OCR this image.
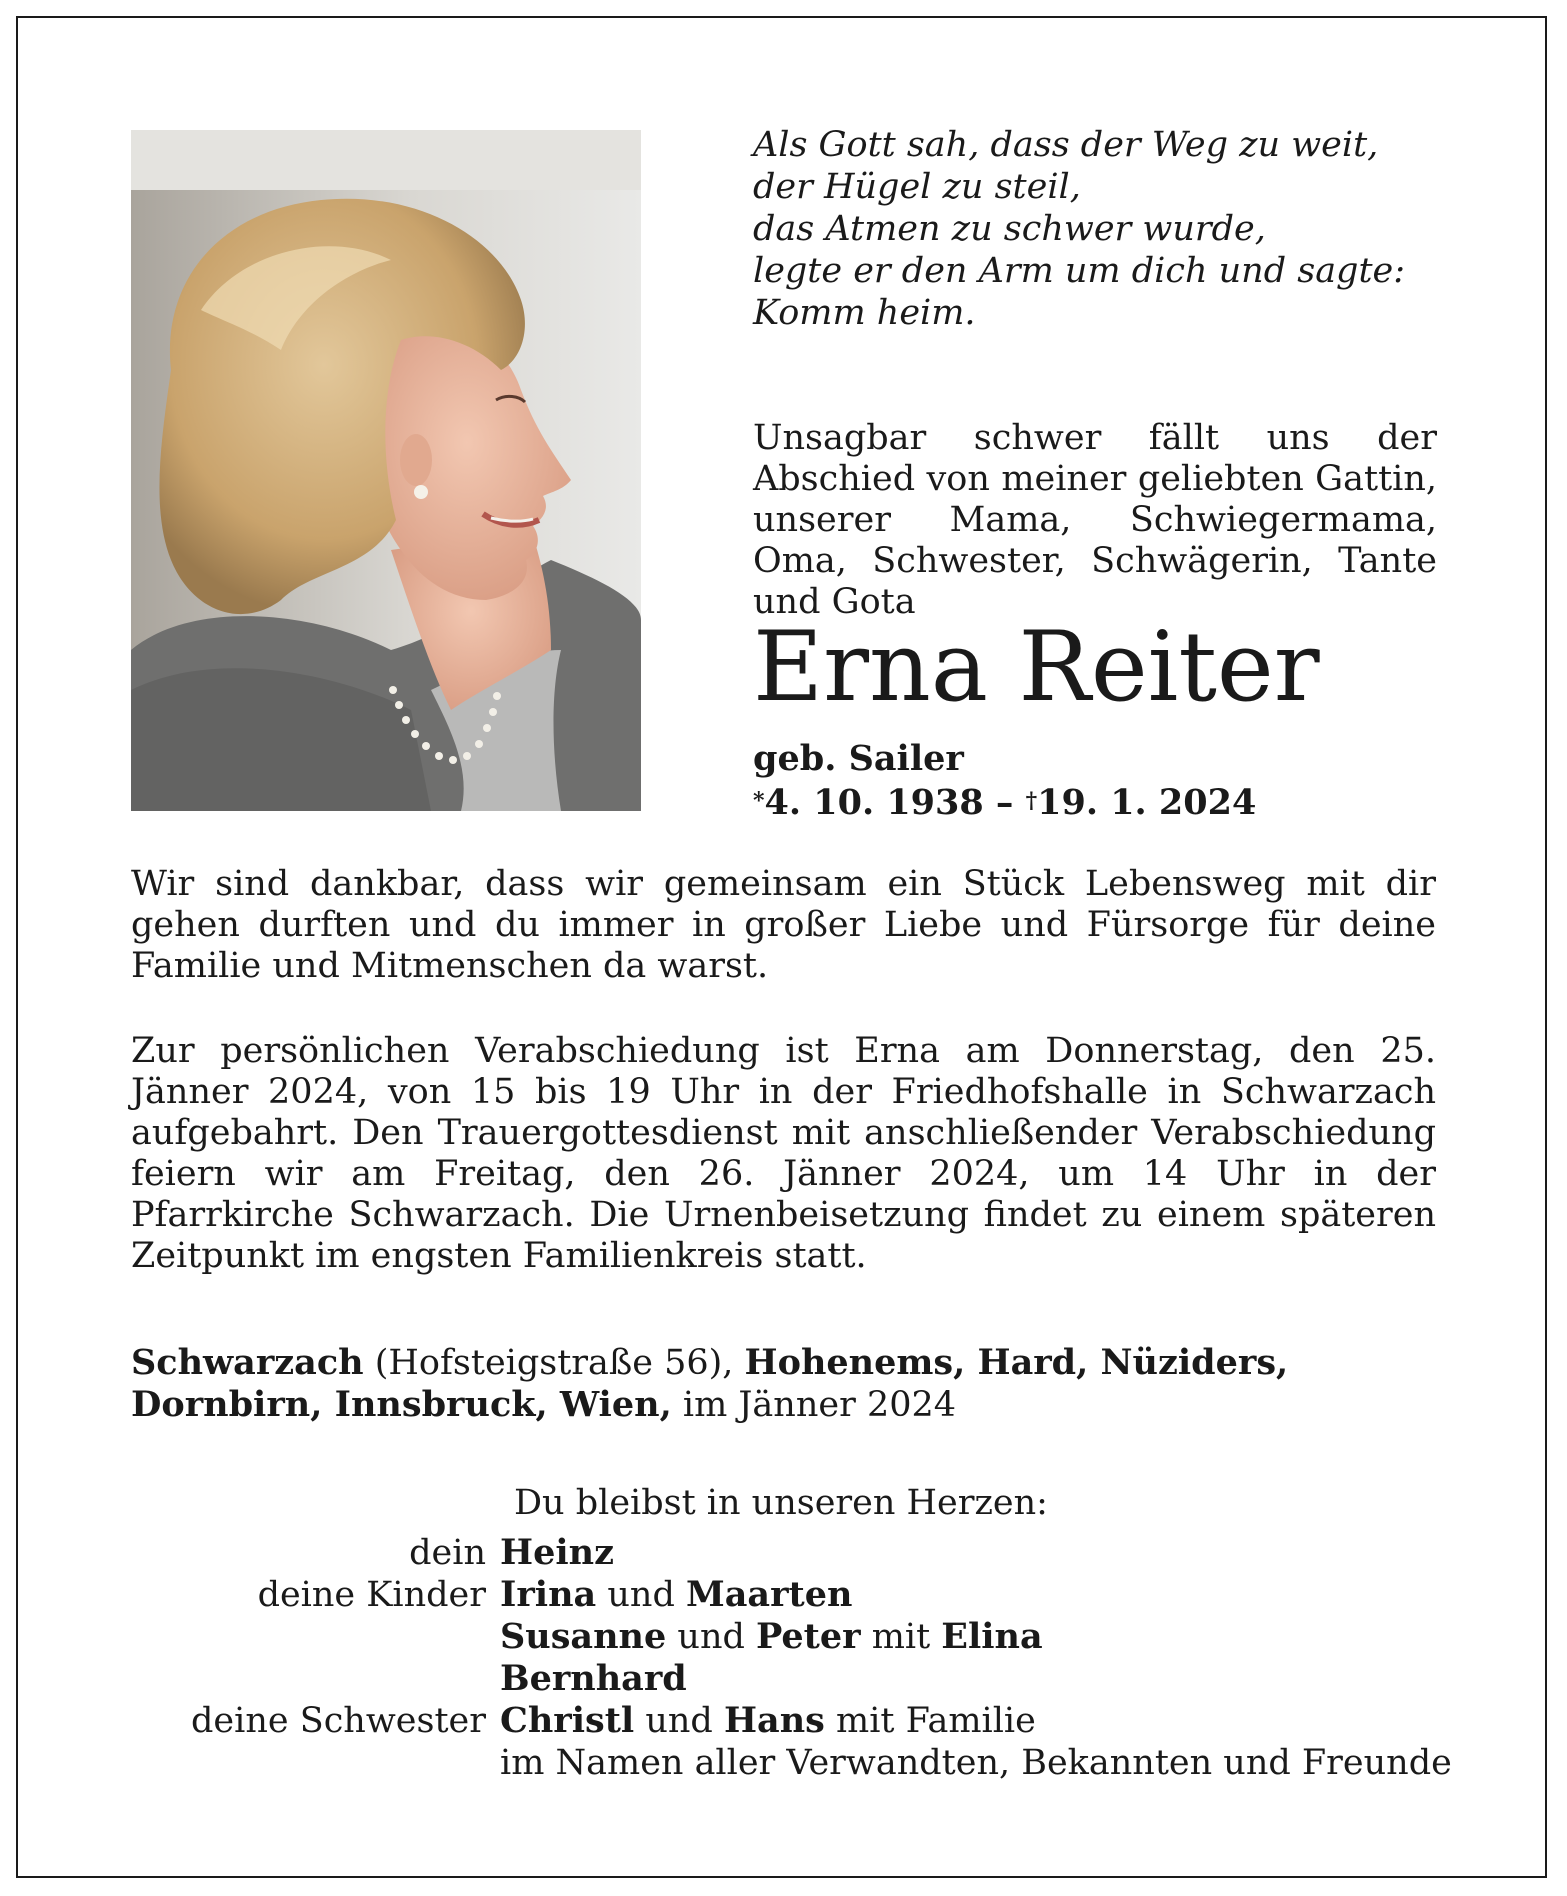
Als Gott sah, dass der Weg zu weit,
der Hügel zu steil,
das Atmen zu schwer wurde,
legte er den Arm um dich und sagte:
Komm heim.
Unsagbar schwer fällt uns der Abschied von meiner geliebten Gattin, unserer Mama, Schwiegermama, Oma, Schwester, Schwägerin, Tante und Gota
Erna Reiter
geb. Sailer
*4. 10. 1938 – †19. 1. 2024
Wir sind dankbar, dass wir gemeinsam ein Stück Lebensweg mit dir gehen durften und du immer in großer Liebe und Fürsorge für deine Familie und Mitmenschen da warst.
Zur persönlichen Verabschiedung ist Erna am Donnerstag, den 25. Jänner 2024, von 15 bis 19 Uhr in der Friedhofshalle in Schwarzach aufgebahrt. Den Trauergottesdienst mit anschließender Verabschiedung feiern wir am Freitag, den 26. Jänner 2024, um 14 Uhr in der Pfarrkirche Schwarzach. Die Urnenbeisetzung findet zu einem späteren Zeitpunkt im engsten Familienkreis statt.
Schwarzach (Hofsteigstraße 56), Hohenems, Hard, Nüziders, Dornbirn, Innsbruck, Wien, im Jänner 2024
Du bleibst in unseren Herzen:
dein Heinz
deine Kinder Irina und Maarten
Susanne und Peter mit Elina
Bernhard
deine Schwester Christl und Hans mit Familie
im Namen aller Verwandten, Bekannten und Freunde
